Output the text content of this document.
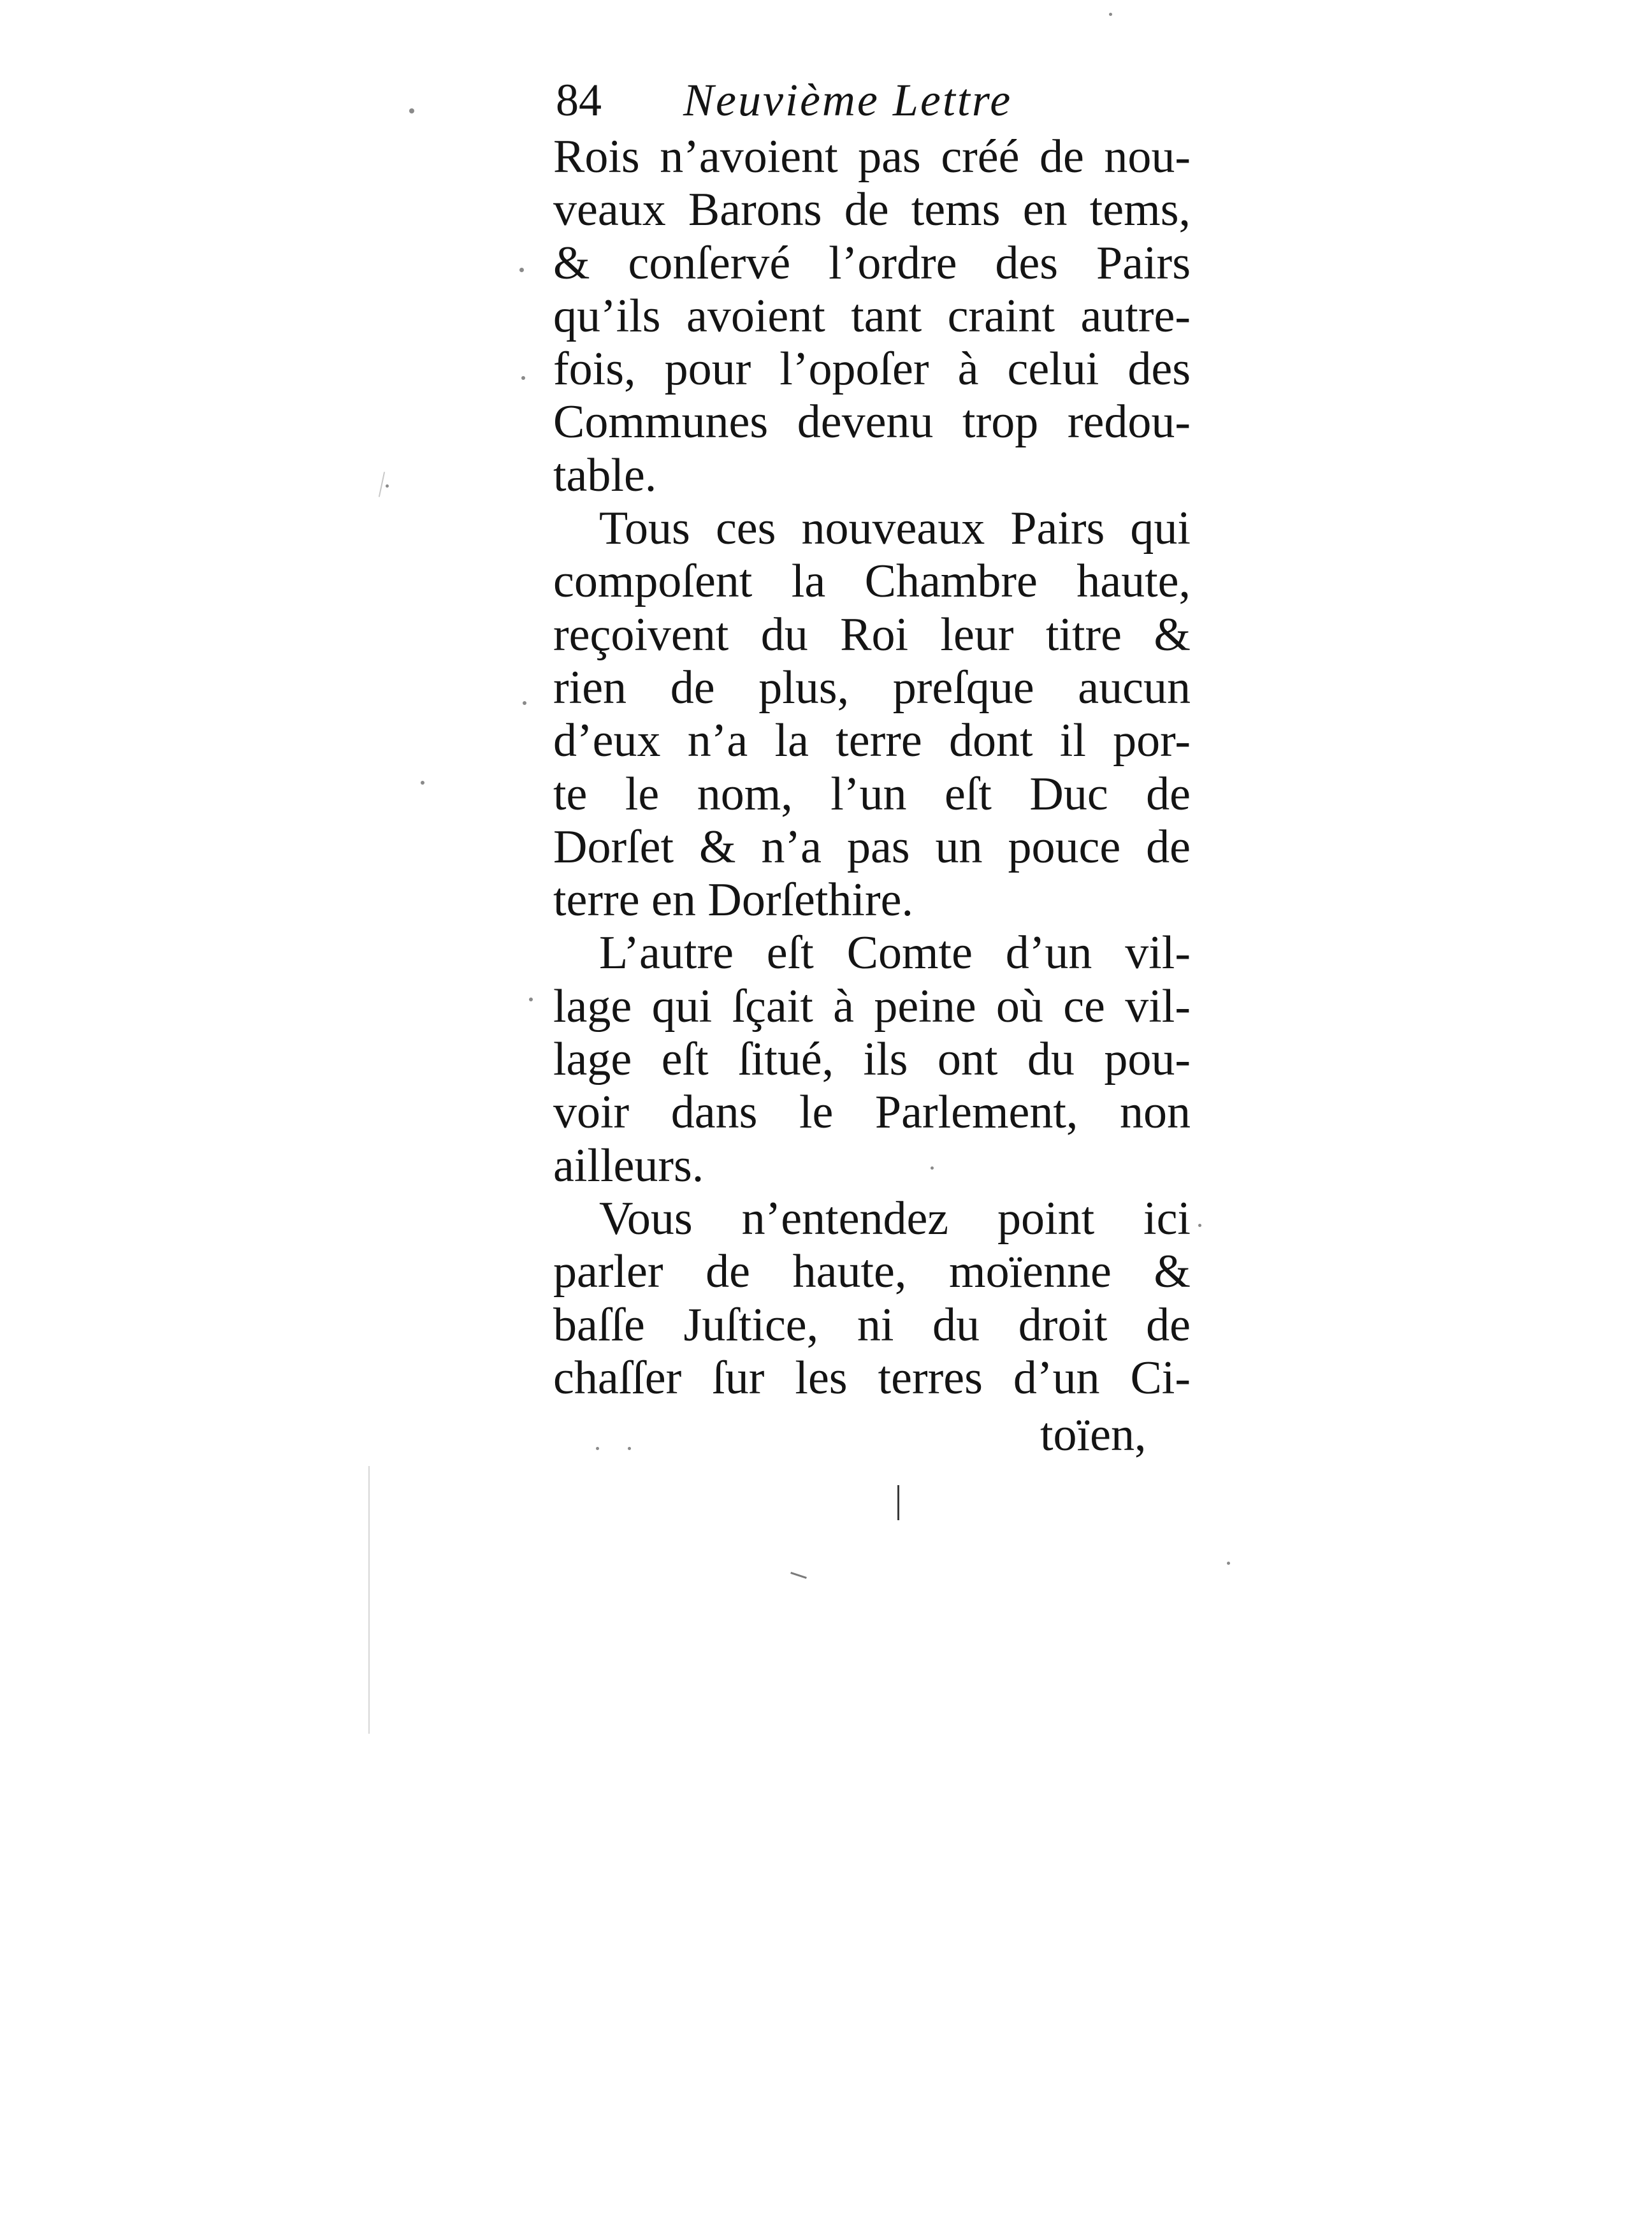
84 Neuvième Lettre
Rois n’avoient pas créé de nou-
veaux Barons de tems en tems,
& conſervé l’ordre des Pairs
qu’ils avoient tant craint autre-
fois, pour l’opoſer à celui des
Communes devenu trop redou-
table.
Tous ces nouveaux Pairs qui
compoſent la Chambre haute,
reçoivent du Roi leur titre &
rien de plus, preſque aucun
d’eux n’a la terre dont il por-
te le nom, l’un eſt Duc de
Dorſet & n’a pas un pouce de
terre en Dorſethire.
L’autre eſt Comte d’un vil-
lage qui ſçait à peine où ce vil-
lage eſt ſitué, ils ont du pou-
voir dans le Parlement, non
ailleurs.
Vous n’entendez point ici
parler de haute, moïenne &
baſſe Juſtice, ni du droit de
chaſſer ſur les terres d’un Ci-
toïen,
